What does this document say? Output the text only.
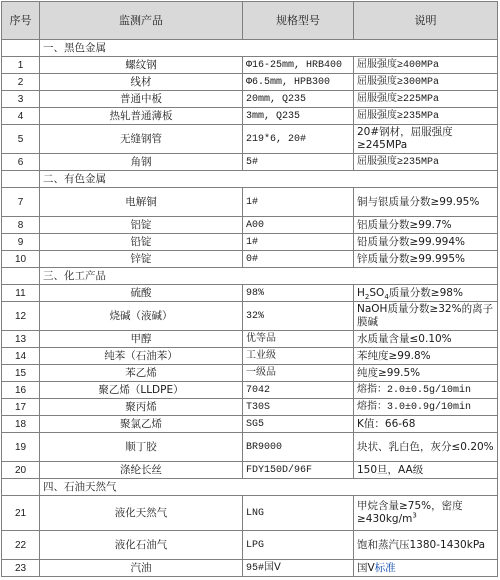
序号	监测产品	规格型号	说明
	一、黑色金属		
1	螺纹钢	Φ16-25mm, HRB400	屈服强度≥400MPa
2	线材	Φ6.5mm, HPB300	屈服强度≥300MPa
3	普通中板	20mm, Q235	屈服强度≥225MPa
4	热轧普通薄板	3mm, Q235	屈服强度≥235MPa
5	无缝钢管	219*6, 20#	20#钢材，屈服强度≥245MPa
6	角钢	5#	屈服强度≥235MPa
	二、有色金属		
7	电解铜	1#	铜与银质量分数≥99.95%
8	铝锭	A00	铝质量分数≥99.7%
9	铅锭	1#	铅质量分数≥99.994%
10	锌锭	0#	锌质量分数≥99.995%
	三、化工产品		
11	硫酸	98%	$H_2SO_4$质量分数≥98%
12	烧碱（液碱）	32%	NaOH质量分数≥32%的离子膜碱
13	甲醇	优等品	水质量含量≤0.10%
14	纯苯（石油苯）	工业级	苯纯度≥99.8%
15	苯乙烯	一级品	纯度≥99.5%
16	聚乙烯（LLDPE）	7042	熔指：2.0±0.5g/10min
17	聚丙烯	T30S	熔指：3.0±0.9g/10min
18	聚氯乙烯	SG5	K值：66-68
19	顺丁胶	BR9000	块状、乳白色，灰分≤0.20%
20	涤纶长丝	FDY150D/96F	150旦，AA级
	四、石油天然气		
21	液化天然气	LNG	甲烷含量≥75%，密度$\ge 430kg/m^3$
22	液化石油气	LPG	饱和蒸汽压1380-1430kPa
23	汽油	95#国Ⅴ	国Ⅴ标准
